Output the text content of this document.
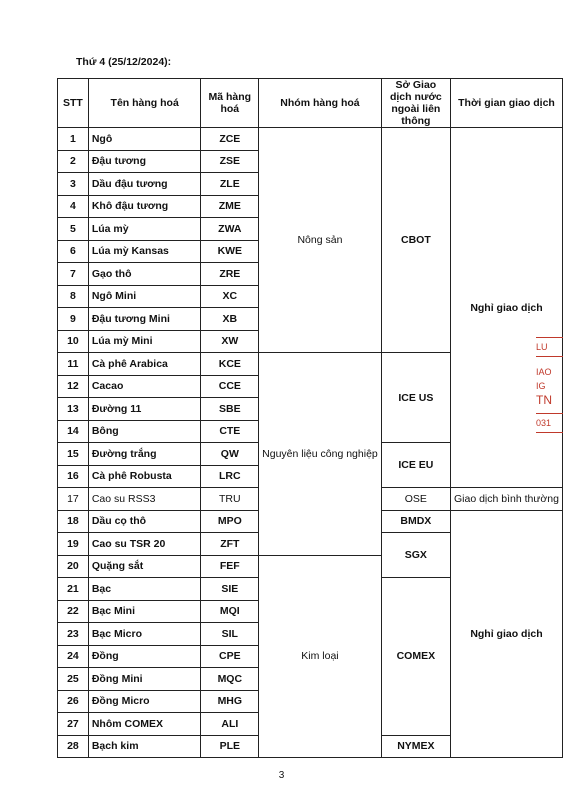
Thứ 4 (25/12/2024):
STT	Tên hàng hoá	Mã hàng hoá	Nhóm hàng hoá	Sở Giao dịch nước ngoài liên thông	Thời gian giao dịch
1	Ngô	ZCE	Nông sản	CBOT	Nghỉ giao dịch
2	Đậu tương	ZSE			
3	Dầu đậu tương	ZLE			
4	Khô đậu tương	ZME			
5	Lúa mỳ	ZWA			
6	Lúa mỳ Kansas	KWE			
7	Gạo thô	ZRE			
8	Ngô Mini	XC			
9	Đậu tương Mini	XB			
10	Lúa mỳ Mini	XW			
11	Cà phê Arabica	KCE	Nguyên liệu công nghiệp	ICE US	
12	Cacao	CCE			
13	Đường 11	SBE			
14	Bông	CTE			
15	Đường trắng	QW		ICE EU	
16	Cà phê Robusta	LRC			
17	Cao su RSS3	TRU		OSE	Giao dịch bình thường
18	Dầu cọ thô	MPO		BMDX	Nghỉ giao dịch
19	Cao su TSR 20	ZFT		SGX	
20	Quặng sắt	FEF	Kim loại		
21	Bạc	SIE		COMEX	
22	Bạc Mini	MQI			
23	Bạc Micro	SIL			
24	Đồng	CPE			
25	Đồng Mini	MQC			
26	Đồng Micro	MHG			
27	Nhôm COMEX	ALI			
28	Bạch kim	PLE		NYMEX	
3
LU
IAO
IG
TN
031
